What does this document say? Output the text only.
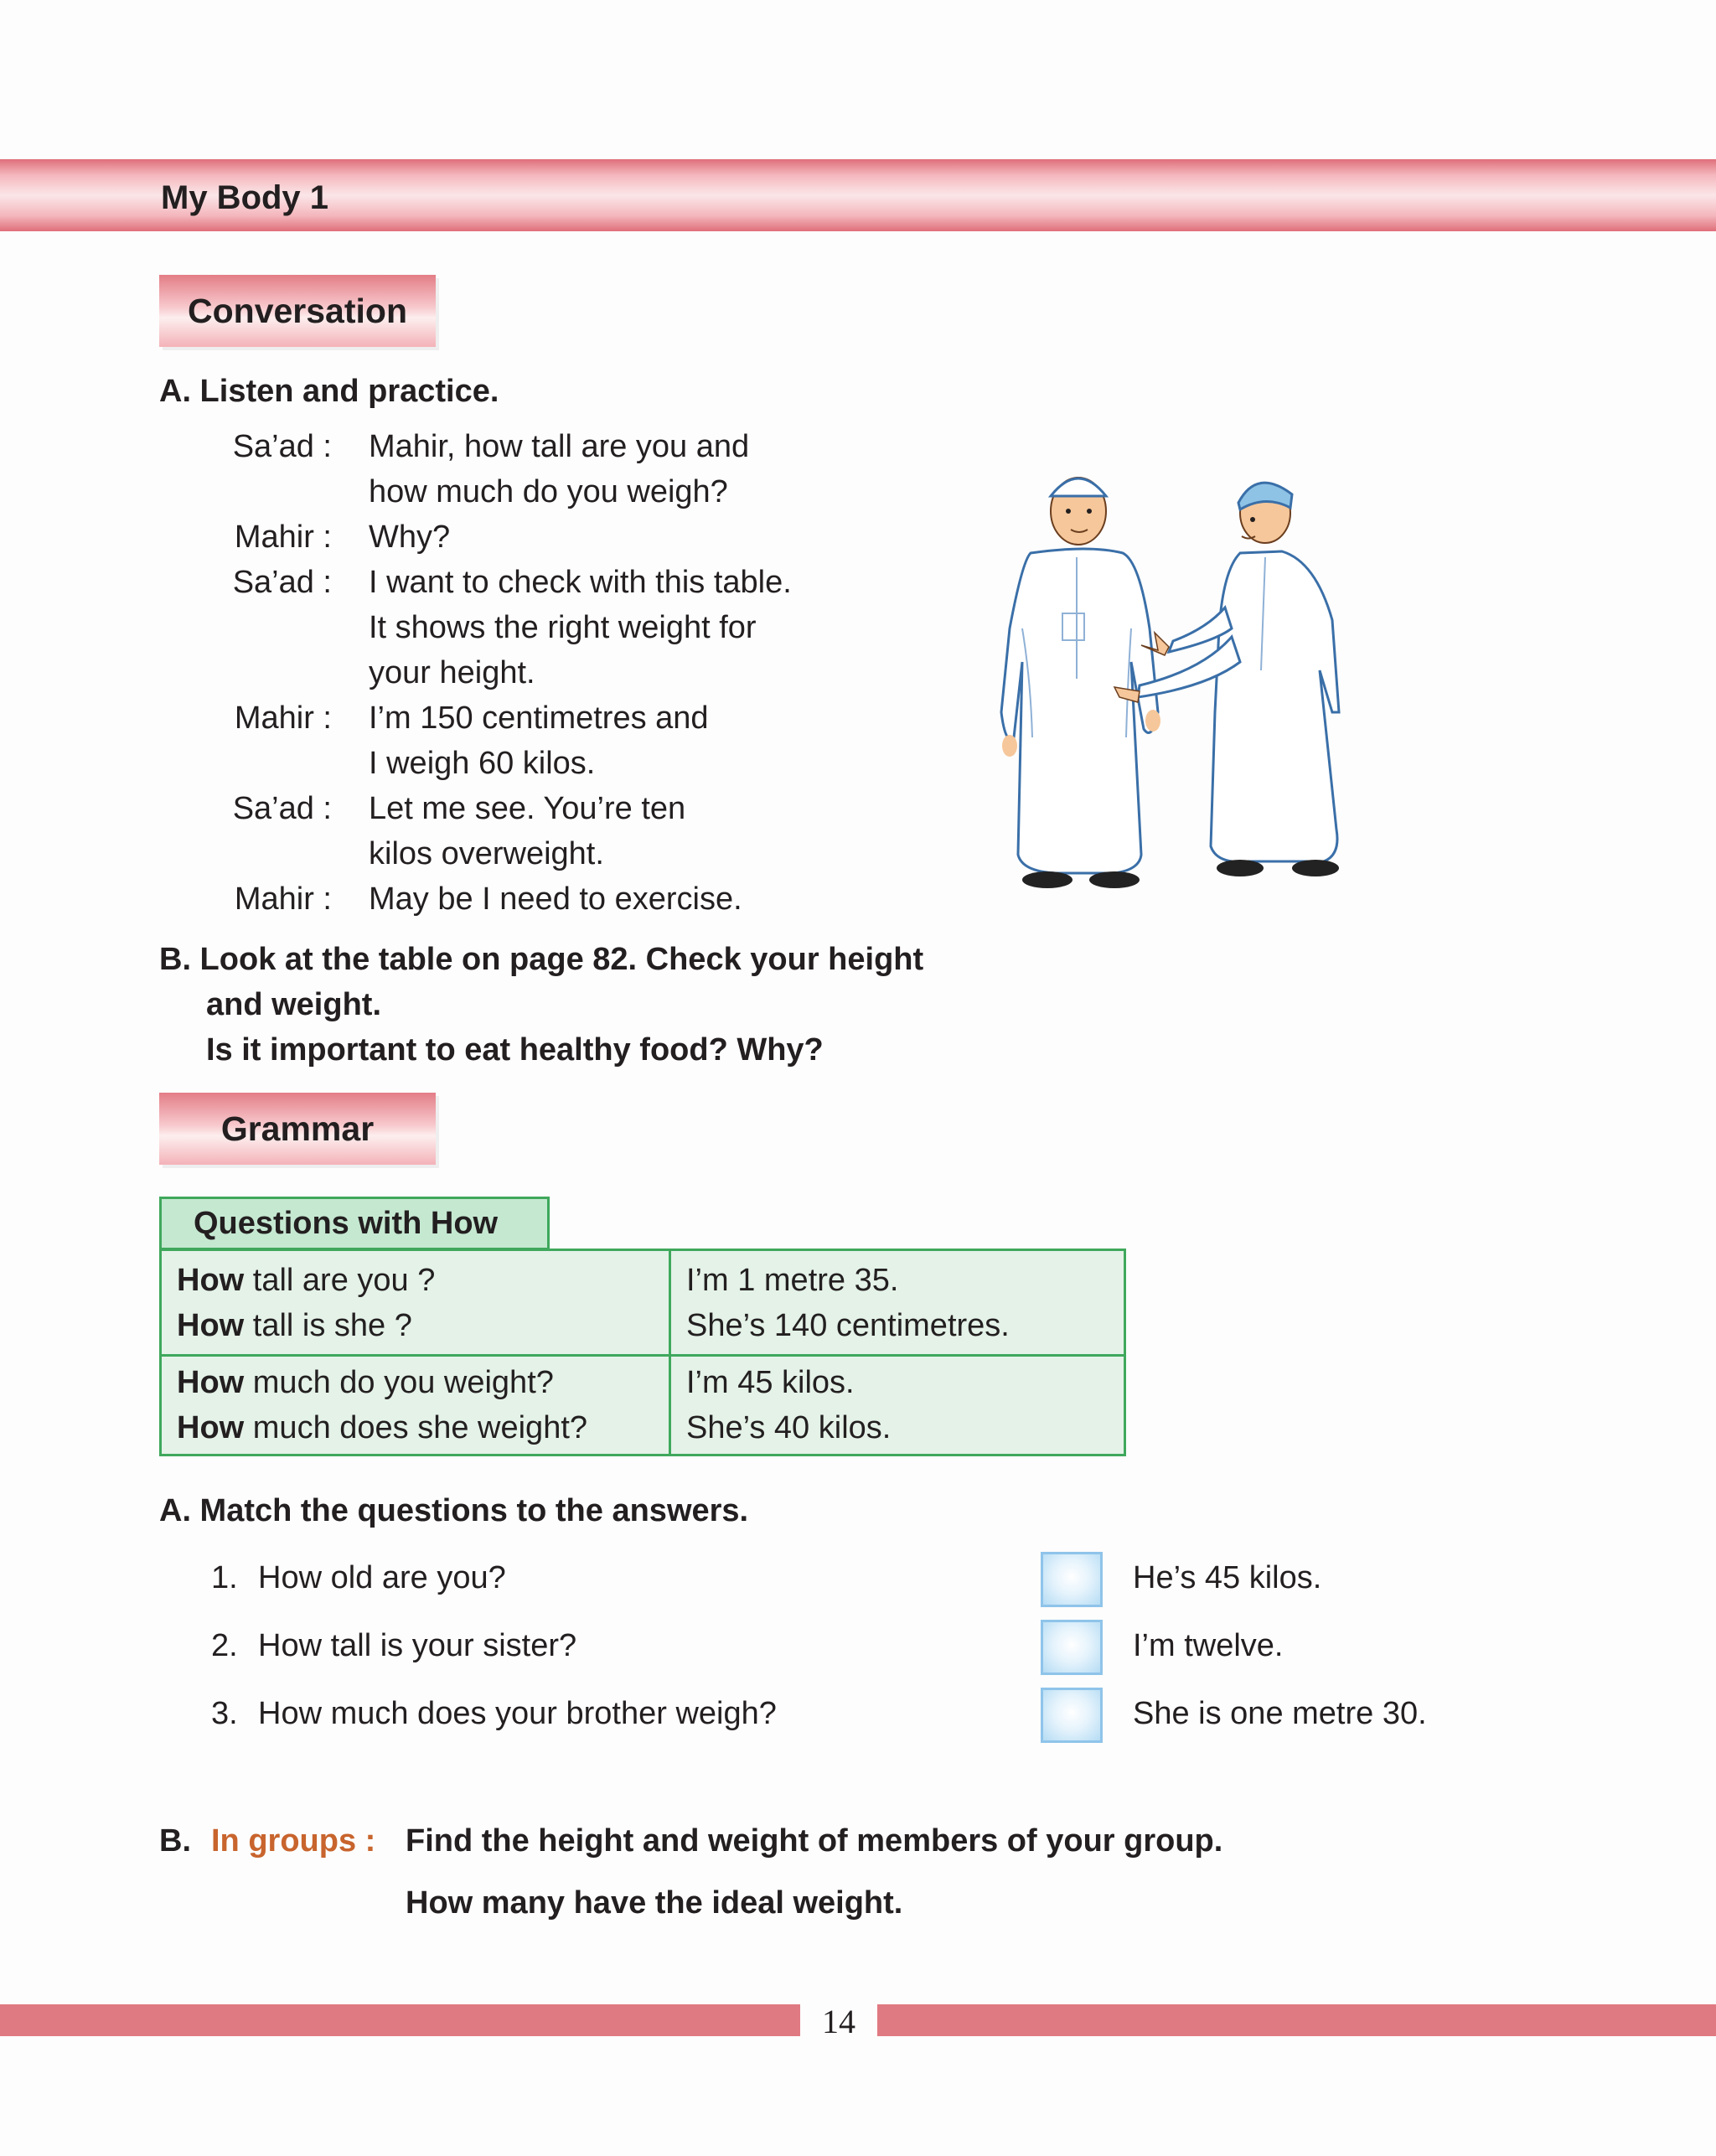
My Body 1
Conversation
A. Listen and practice.
Sa’ad : Mahir, how tall are you and
how much do you weigh?
Mahir : Why?
Sa’ad : I want to check with this table.
It shows the right weight for
your height.
Mahir : I’m 150 centimetres and
I weigh 60 kilos.
Sa’ad : Let me see. You’re ten
kilos overweight.
Mahir : May be I need to exercise.
B. Look at the table on page 82. Check your height
and weight.
Is it important to eat healthy food? Why?
Grammar
Questions with How
How tall are you ?
How tall is she ?
I’m 1 metre 35.
She’s 140 centimetres.
How much do you weight?
How much does she weight?
I’m 45 kilos.
She’s 40 kilos.
A. Match the questions to the answers.
1. How old are you?
2. How tall is your sister?
3. How much does your brother weigh?
He’s 45 kilos.
I’m twelve.
She is one metre 30.
B. In groups : Find the height and weight of members of your group.
How many have the ideal weight.
14
